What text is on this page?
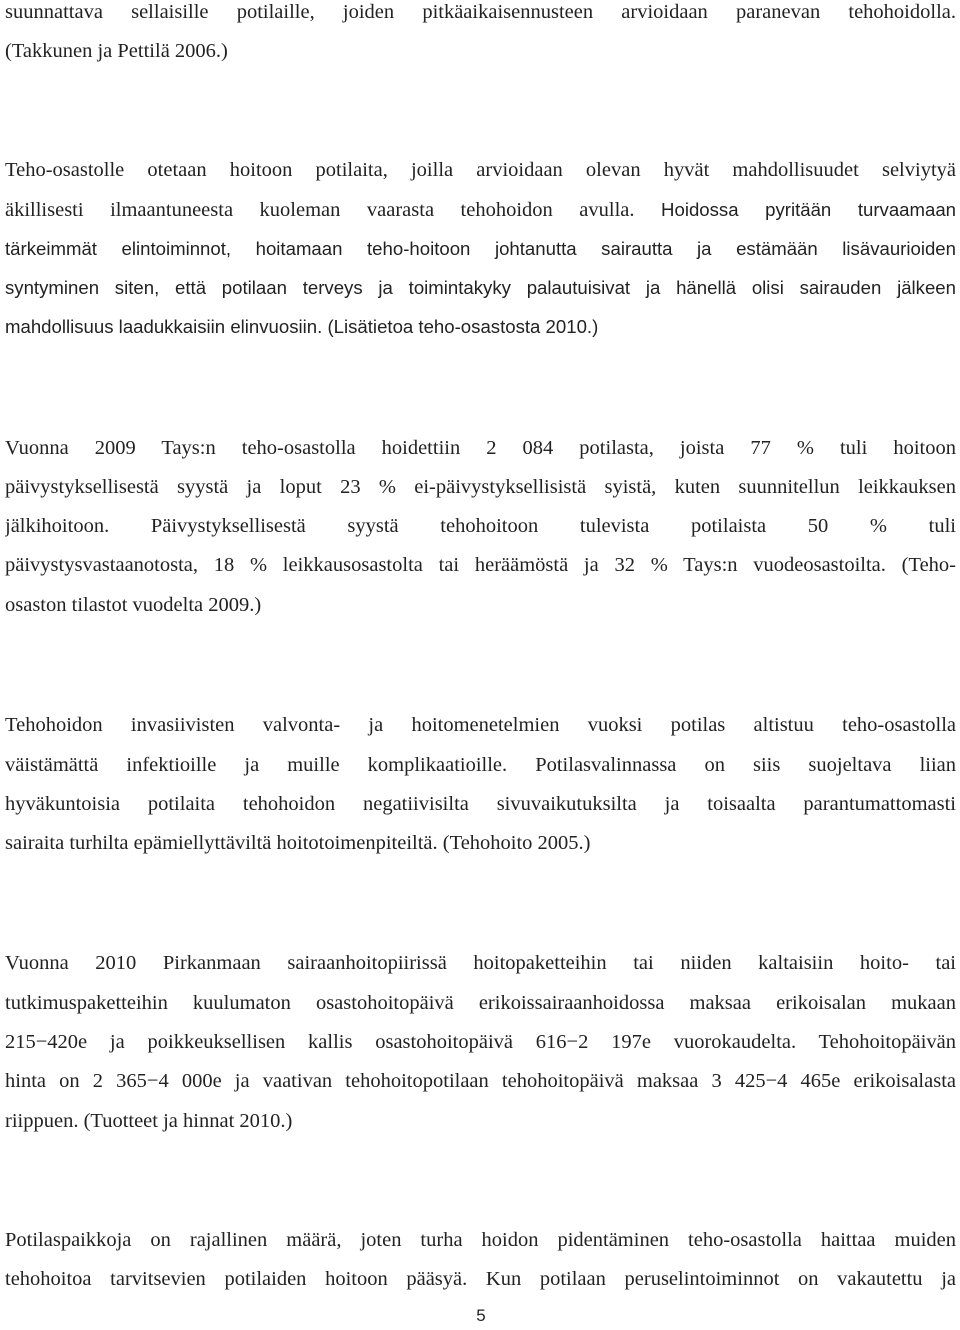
suunnattava sellaisille potilaille, joiden pitkäaikaisennusteen arvioidaan paranevan tehohoidolla.
(Takkunen ja Pettilä 2006.)
Teho-osastolle otetaan hoitoon potilaita, joilla arvioidaan olevan hyvät mahdollisuudet selviytyä
äkillisesti ilmaantuneesta kuoleman vaarasta tehohoidon avulla. Hoidossa pyritään turvaamaan
tärkeimmät elintoiminnot, hoitamaan teho-hoitoon johtanutta sairautta ja estämään lisävaurioiden
syntyminen siten, että potilaan terveys ja toimintakyky palautuisivat ja hänellä olisi sairauden jälkeen
mahdollisuus laadukkaisiin elinvuosiin. (Lisätietoa teho-osastosta 2010.)
Vuonna 2009 Tays:n teho-osastolla hoidettiin 2 084 potilasta, joista 77 % tuli hoitoon
päivystyksellisestä syystä ja loput 23 % ei-päivystyksellisistä syistä, kuten suunnitellun leikkauksen
jälkihoitoon. Päivystyksellisestä syystä tehohoitoon tulevista potilaista 50 % tuli
päivystysvastaanotosta, 18 % leikkausosastolta tai heräämöstä ja 32 % Tays:n vuodeosastoilta. (Teho-
osaston tilastot vuodelta 2009.)
Tehohoidon invasiivisten valvonta- ja hoitomenetelmien vuoksi potilas altistuu teho-osastolla
väistämättä infektioille ja muille komplikaatioille. Potilasvalinnassa on siis suojeltava liian
hyväkuntoisia potilaita tehohoidon negatiivisilta sivuvaikutuksilta ja toisaalta parantumattomasti
sairaita turhilta epämiellyttäviltä hoitotoimenpiteiltä. (Tehohoito 2005.)
Vuonna 2010 Pirkanmaan sairaanhoitopiirissä hoitopaketteihin tai niiden kaltaisiin hoito- tai
tutkimuspaketteihin kuulumaton osastohoitopäivä erikoissairaanhoidossa maksaa erikoisalan mukaan
215−420e ja poikkeuksellisen kallis osastohoitopäivä 616−2 197e vuorokaudelta. Tehohoitopäivän
hinta on 2 365−4 000e ja vaativan tehohoitopotilaan tehohoitopäivä maksaa 3 425−4 465e erikoisalasta
riippuen. (Tuotteet ja hinnat 2010.)
Potilaspaikkoja on rajallinen määrä, joten turha hoidon pidentäminen teho-osastolla haittaa muiden
tehohoitoa tarvitsevien potilaiden hoitoon pääsyä. Kun potilaan peruselintoiminnot on vakautettu ja
5
